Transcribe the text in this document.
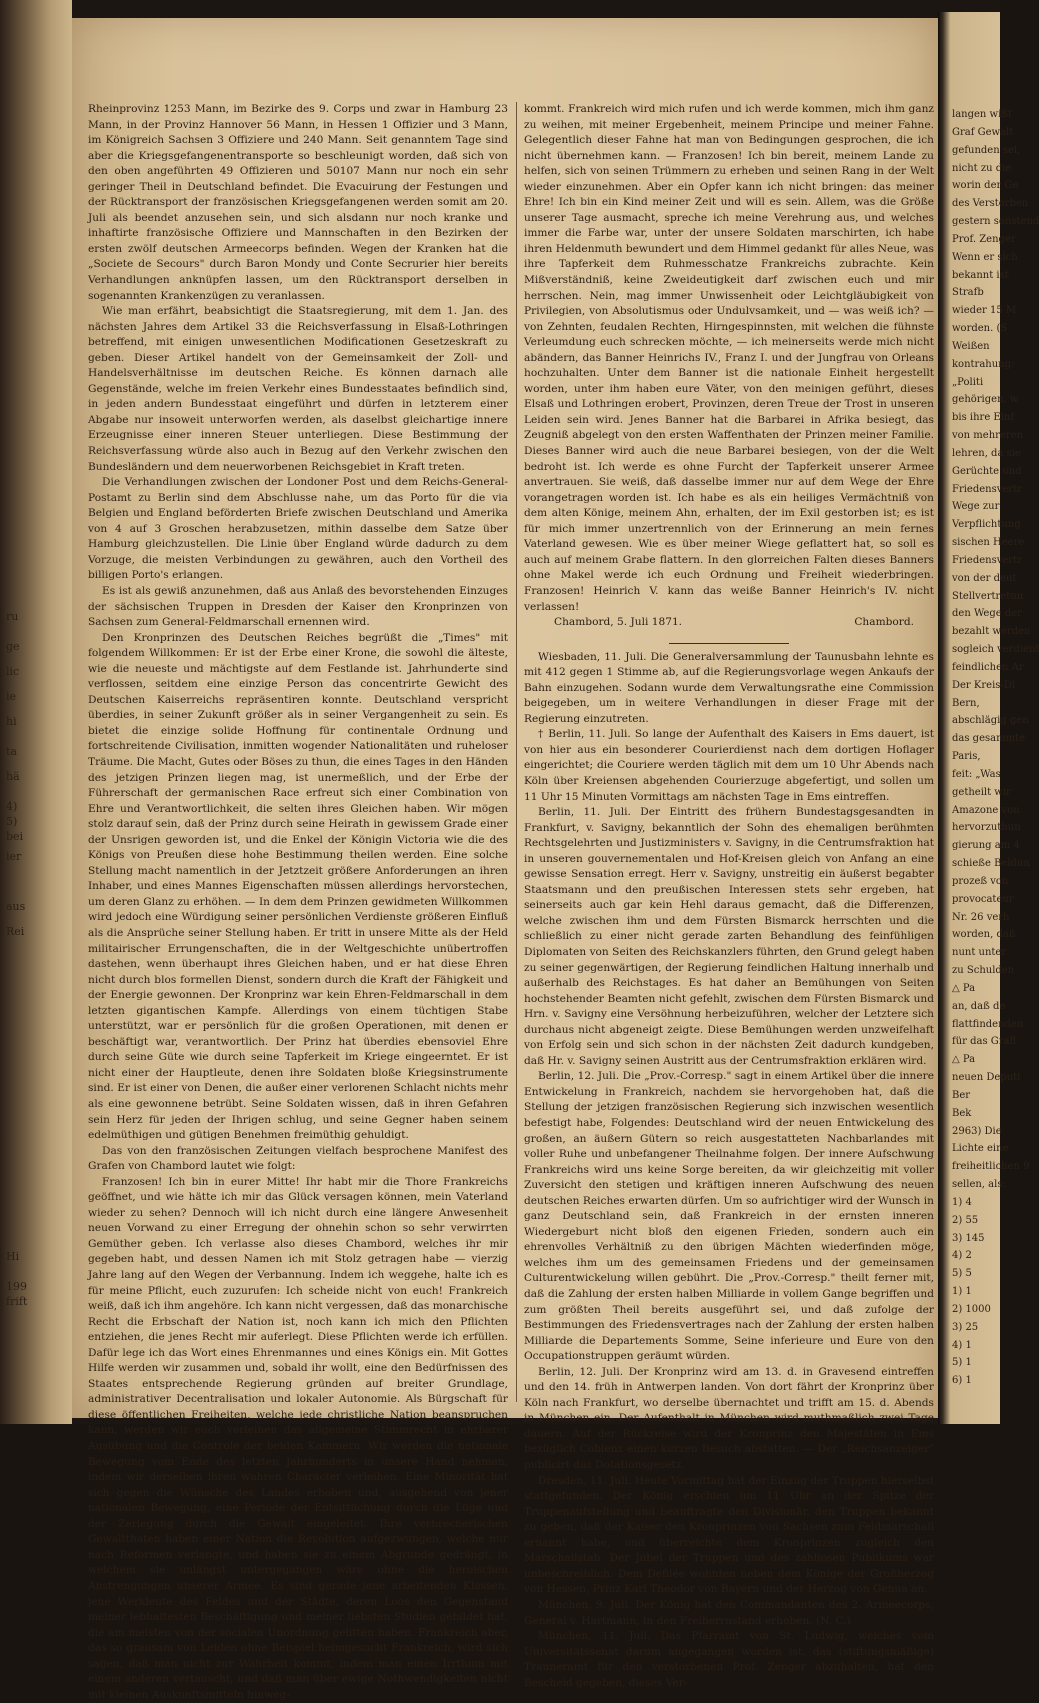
ru
ge
lic
ie
hi
ta
hä
4)
5)
bei
ier
aus
Rei
Hi
199
frift

Rheinprovinz 1253 Mann, im Bezirke des 9. Corps und zwar in Hamburg 23 Mann, in der Provinz Hannover 56 Mann, in Hessen 1 Offizier und 3 Mann, im Königreich Sachsen 3 Offiziere und 240 Mann. Seit genanntem Tage sind aber die Kriegsgefangenentransporte so beschleunigt worden, daß sich von den oben angeführten 49 Offizieren und 50107 Mann nur noch ein sehr geringer Theil in Deutschland befindet. Die Evacuirung der Festungen und der Rücktransport der französischen Kriegsgefangenen werden somit am 20. Juli als beendet anzusehen sein, und sich alsdann nur noch kranke und inhaftirte französische Offiziere und Mannschaften in den Bezirken der ersten zwölf deutschen Armeecorps befinden. Wegen der Kranken hat die „Societe de Secours" durch Baron Mondy und Conte Secrurier hier bereits Verhandlungen anknüpfen lassen, um den Rücktransport derselben in sogenannten Krankenzügen zu veranlassen.

Wie man erfährt, beabsichtigt die Staatsregierung, mit dem 1. Jan. des nächsten Jahres dem Artikel 33 die Reichsverfassung in Elsaß-Lothringen betreffend, mit einigen unwesentlichen Modificationen Gesetzeskraft zu geben. Dieser Artikel handelt von der Gemeinsamkeit der Zoll- und Handelsverhältnisse im deutschen Reiche. Es können darnach alle Gegenstände, welche im freien Verkehr eines Bundesstaates befindlich sind, in jeden andern Bundesstaat eingeführt und dürfen in letzterem einer Abgabe nur insoweit unterworfen werden, als daselbst gleichartige innere Erzeugnisse einer inneren Steuer unterliegen. Diese Bestimmung der Reichsverfassung würde also auch in Bezug auf den Verkehr zwischen den Bundesländern und dem neuerworbenen Reichsgebiet in Kraft treten.

Die Verhandlungen zwischen der Londoner Post und dem Reichs-General-Postamt zu Berlin sind dem Abschlusse nahe, um das Porto für die via Belgien und England beförderten Briefe zwischen Deutschland und Amerika von 4 auf 3 Groschen herabzusetzen, mithin dasselbe dem Satze über Hamburg gleichzustellen. Die Linie über England würde dadurch zu dem Vorzuge, die meisten Verbindungen zu gewähren, auch den Vortheil des billigen Porto's erlangen.

Es ist als gewiß anzunehmen, daß aus Anlaß des bevorstehenden Einzuges der sächsischen Truppen in Dresden der Kaiser den Kronprinzen von Sachsen zum General-Feldmarschall ernennen wird.

Den Kronprinzen des Deutschen Reiches begrüßt die „Times" mit folgendem Willkommen: Er ist der Erbe einer Krone, die sowohl die älteste, wie die neueste und mächtigste auf dem Festlande ist. Jahrhunderte sind verflossen, seitdem eine einzige Person das concentrirte Gewicht des Deutschen Kaiserreichs repräsentiren konnte. Deutschland verspricht überdies, in seiner Zukunft größer als in seiner Vergangenheit zu sein. Es bietet die einzige solide Hoffnung für continentale Ordnung und fortschreitende Civilisation, inmitten wogender Nationalitäten und ruheloser Träume. Die Macht, Gutes oder Böses zu thun, die eines Tages in den Händen des jetzigen Prinzen liegen mag, ist unermeßlich, und der Erbe der Führerschaft der germanischen Race erfreut sich einer Combination von Ehre und Verantwortlichkeit, die selten ihres Gleichen haben. Wir mögen stolz darauf sein, daß der Prinz durch seine Heirath in gewissem Grade einer der Unsrigen geworden ist, und die Enkel der Königin Victoria wie die des Königs von Preußen diese hohe Bestimmung theilen werden. Eine solche Stellung macht namentlich in der Jetztzeit größere Anforderungen an ihren Inhaber, und eines Mannes Eigenschaften müssen allerdings hervorstechen, um deren Glanz zu erhöhen. — In dem dem Prinzen gewidmeten Willkommen wird jedoch eine Würdigung seiner persönlichen Verdienste größeren Einfluß als die Ansprüche seiner Stellung haben. Er tritt in unsere Mitte als der Held militairischer Errungenschaften, die in der Weltgeschichte unübertroffen dastehen, wenn überhaupt ihres Gleichen haben, und er hat diese Ehren nicht durch blos formellen Dienst, sondern durch die Kraft der Fähigkeit und der Energie gewonnen. Der Kronprinz war kein Ehren-Feldmarschall in dem letzten gigantischen Kampfe. Allerdings von einem tüchtigen Stabe unterstützt, war er persönlich für die großen Operationen, mit denen er beschäftigt war, verantwortlich. Der Prinz hat überdies ebensoviel Ehre durch seine Güte wie durch seine Tapferkeit im Kriege eingeerntet. Er ist nicht einer der Hauptleute, denen ihre Soldaten bloße Kriegsinstrumente sind. Er ist einer von Denen, die außer einer verlorenen Schlacht nichts mehr als eine gewonnene betrübt. Seine Soldaten wissen, daß in ihren Gefahren sein Herz für jeden der Ihrigen schlug, und seine Gegner haben seinem edelmüthigen und gütigen Benehmen freimüthig gehuldigt.

Das von den französischen Zeitungen vielfach besprochene Manifest des Grafen von Chambord lautet wie folgt:

Franzosen! Ich bin in eurer Mitte! Ihr habt mir die Thore Frankreichs geöffnet, und wie hätte ich mir das Glück versagen können, mein Vaterland wieder zu sehen? Dennoch will ich nicht durch eine längere Anwesenheit neuen Vorwand zu einer Erregung der ohnehin schon so sehr verwirrten Gemüther geben. Ich verlasse also dieses Chambord, welches ihr mir gegeben habt, und dessen Namen ich mit Stolz getragen habe — vierzig Jahre lang auf den Wegen der Verbannung. Indem ich weggehe, halte ich es für meine Pflicht, euch zuzurufen: Ich scheide nicht von euch! Frankreich weiß, daß ich ihm angehöre. Ich kann nicht vergessen, daß das monarchische Recht die Erbschaft der Nation ist, noch kann ich mich den Pflichten entziehen, die jenes Recht mir auferlegt. Diese Pflichten werde ich erfüllen. Dafür lege ich das Wort eines Ehrenmannes und eines Königs ein. Mit Gottes Hilfe werden wir zusammen und, sobald ihr wollt, eine den Bedürfnissen des Staates entsprechende Regierung gründen auf breiter Grundlage, administrativer Decentralisation und lokaler Autonomie. Als Bürgschaft für diese öffentlichen Freiheiten, welche jede christliche Nation beanspruchen kann, werden wir euch verleihen das allgemeine Stimmrecht in ehrbarer Ausübung und die Controle der beiden Kammern. Wir werden die nationale Bewegung vom Ende des letzten Jahrhunderts in unsere Hand nehmen, indem wir derselben ihren wahren Character verleihen. Eine Minorität hat sich gegen die Wünsche des Landes erhoben und, ausgehend von jener nationalen Bewegung, eine Periode der Entsittlichung durch die Lüge und der Zerlegung durch die Gewalt eingeleitet. Ihre verbrecherischen Gewaltthaten haben einer Nation die Revolution aufgezwungen, welche nur nach Reformen verlangte, und haben sie zu einem Abgrunde gedrängt, in welchem sie unlängst untergegangen wäre ohne die heroischen Anstrengungen unserer Armee. Es sind gerade jene arbeitenden Klassen, jene Werkleute des Feldes und der Städte, deren Loos den Gegenstand meiner lebhaftesten Beschäftigung und meiner liebsten Studien gebildet hat, die am meisten von der socialen Unordnung gelitten haben. Frankreich aber, das so grausam von Leiden ohne Beispiel heimgesucht Frankreich, wird sich sagen, daß man nicht zur Wahrheit kommt, indem man einen Irrthum mit einem anderen vertauscht, und daß man über ewige Nothwendigkeiten nicht mit kleinen Auskunftsmitteln hinweg-

kommt. Frankreich wird mich rufen und ich werde kommen, mich ihm ganz zu weihen, mit meiner Ergebenheit, meinem Principe und meiner Fahne. Gelegentlich dieser Fahne hat man von Bedingungen gesprochen, die ich nicht übernehmen kann. — Franzosen! Ich bin bereit, meinem Lande zu helfen, sich von seinen Trümmern zu erheben und seinen Rang in der Welt wieder einzunehmen. Aber ein Opfer kann ich nicht bringen: das meiner Ehre! Ich bin ein Kind meiner Zeit und will es sein. Allem, was die Größe unserer Tage ausmacht, spreche ich meine Verehrung aus, und welches immer die Farbe war, unter der unsere Soldaten marschirten, ich habe ihren Heldenmuth bewundert und dem Himmel gedankt für alles Neue, was ihre Tapferkeit dem Ruhmesschatze Frankreichs zubrachte. Kein Mißverständniß, keine Zweideutigkeit darf zwischen euch und mir herrschen. Nein, mag immer Unwissenheit oder Leichtgläubigkeit von Privilegien, von Absolutismus oder Undulvsamkeit, und — was weiß ich? — von Zehnten, feudalen Rechten, Hirngespinnsten, mit welchen die fühnste Verleumdung euch schrecken möchte, — ich meinerseits werde mich nicht abändern, das Banner Heinrichs IV., Franz I. und der Jungfrau von Orleans hochzuhalten. Unter dem Banner ist die nationale Einheit hergestellt worden, unter ihm haben eure Väter, von den meinigen geführt, dieses Elsaß und Lothringen erobert, Provinzen, deren Treue der Trost in unseren Leiden sein wird. Jenes Banner hat die Barbarei in Afrika besiegt, das Zeugniß abgelegt von den ersten Waffenthaten der Prinzen meiner Familie. Dieses Banner wird auch die neue Barbarei besiegen, von der die Welt bedroht ist. Ich werde es ohne Furcht der Tapferkeit unserer Armee anvertrauen. Sie weiß, daß dasselbe immer nur auf dem Wege der Ehre vorangetragen worden ist. Ich habe es als ein heiliges Vermächtniß von dem alten Könige, meinem Ahn, erhalten, der im Exil gestorben ist; es ist für mich immer unzertrennlich von der Erinnerung an mein fernes Vaterland gewesen. Wie es über meiner Wiege geflattert hat, so soll es auch auf meinem Grabe flattern. In den glorreichen Falten dieses Banners ohne Makel werde ich euch Ordnung und Freiheit wiederbringen. Franzosen! Heinrich V. kann das weiße Banner Heinrich's IV. nicht verlassen!

Chambord, 5. Juli 1871.	Chambord.

Wiesbaden, 11. Juli. Die Generalversammlung der Taunusbahn lehnte es mit 412 gegen 1 Stimme ab, auf die Regierungsvorlage wegen Ankaufs der Bahn einzugehen. Sodann wurde dem Verwaltungsrathe eine Commission beigegeben, um in weitere Verhandlungen in dieser Frage mit der Regierung einzutreten.

† Berlin, 11. Juli. So lange der Aufenthalt des Kaisers in Ems dauert, ist von hier aus ein besonderer Courierdienst nach dem dortigen Hoflager eingerichtet; die Couriere werden täglich mit dem um 10 Uhr Abends nach Köln über Kreiensen abgehenden Courierzuge abgefertigt, und sollen um 11 Uhr 15 Minuten Vormittags am nächsten Tage in Ems eintreffen.

Berlin, 11. Juli. Der Eintritt des frühern Bundestagsgesandten in Frankfurt, v. Savigny, bekanntlich der Sohn des ehemaligen berühmten Rechtsgelehrten und Justizministers v. Savigny, in die Centrumsfraktion hat in unseren gouvernementalen und Hof-Kreisen gleich von Anfang an eine gewisse Sensation erregt. Herr v. Savigny, unstreitig ein äußerst begabter Staatsmann und den preußischen Interessen stets sehr ergeben, hat seinerseits auch gar kein Hehl daraus gemacht, daß die Differenzen, welche zwischen ihm und dem Fürsten Bismarck herrschten und die schließlich zu einer nicht gerade zarten Behandlung des feinfühligen Diplomaten von Seiten des Reichskanzlers führten, den Grund gelegt haben zu seiner gegenwärtigen, der Regierung feindlichen Haltung innerhalb und außerhalb des Reichstages. Es hat daher an Bemühungen von Seiten hochstehender Beamten nicht gefehlt, zwischen dem Fürsten Bismarck und Hrn. v. Savigny eine Versöhnung herbeizuführen, welcher der Letztere sich durchaus nicht abgeneigt zeigte. Diese Bemühungen werden unzweifelhaft von Erfolg sein und sich schon in der nächsten Zeit dadurch kundgeben, daß Hr. v. Savigny seinen Austritt aus der Centrumsfraktion erklären wird.

Berlin, 12. Juli. Die „Prov.-Corresp." sagt in einem Artikel über die innere Entwickelung in Frankreich, nachdem sie hervorgehoben hat, daß die Stellung der jetzigen französischen Regierung sich inzwischen wesentlich befestigt habe, Folgendes: Deutschland wird der neuen Entwickelung des großen, an äußern Gütern so reich ausgestatteten Nachbarlandes mit voller Ruhe und unbefangener Theilnahme folgen. Der innere Aufschwung Frankreichs wird uns keine Sorge bereiten, da wir gleichzeitig mit voller Zuversicht den stetigen und kräftigen inneren Aufschwung des neuen deutschen Reiches erwarten dürfen. Um so aufrichtiger wird der Wunsch in ganz Deutschland sein, daß Frankreich in der ernsten inneren Wiedergeburt nicht bloß den eigenen Frieden, sondern auch ein ehrenvolles Verhältniß zu den übrigen Mächten wiederfinden möge, welches ihm um des gemeinsamen Friedens und der gemeinsamen Culturentwickelung willen gebührt. Die „Prov.-Corresp." theilt ferner mit, daß die Zahlung der ersten halben Milliarde in vollem Gange begriffen und zum größten Theil bereits ausgeführt sei, und daß zufolge der Bestimmungen des Friedensvertrages nach der Zahlung der ersten halben Milliarde die Departements Somme, Seine inferieure und Eure von den Occupationstruppen geräumt würden.

Berlin, 12. Juli. Der Kronprinz wird am 13. d. in Gravesend eintreffen und den 14. früh in Antwerpen landen. Von dort fährt der Kronprinz über Köln nach Frankfurt, wo derselbe übernachtet und trifft am 15. d. Abends in München ein. Der Aufenthalt in München wird muthmaßlich zwei Tage dauern. Auf der Rückreise wird der Kronprinz den Majestäten in Ems bezüglich Coblenz einen kurzen Besuch abstatten. — Der „Reichsanzeiger" publicirt das Dotationsgesetz.

Dresden, 11. Juli. Heute Vormittag hat der Einzug der Truppen hierselbst stattgefunden. Der König erschien um 11 Uhr an der Spitze der Truppenaufstellung und beauftragte den Divisionär, den Truppen bekannt zu geben, daß der Kaiser den Kronprinzen von Sachsen zum Feldmarschall ernannt habe, und überreichte dem Kronprinzen zugleich den Marschallstab. Der Jubel der Truppen und des zahllosen Publikums war unbeschreiblich. Dem Defilée wohnten neben dem Könige der Großherzog von Hessen, Prinz Karl Theodor von Bayern und der Herzog von Genua an.

München, 9. Juli. Der König hat den Commandanten des 2. Armeecorps, General v. Hartmann, in den Freiherrnstand erhoben. (N. C.)

München, 11. Juli. Das Pfarramt von St. Ludwig, welches vom Universitätssenat darum angegangen worden ist, das (stiftungsmäßige) Trauneramt für den verstorbenen Prof. Zenger abzuhalten, hat den Bescheid gegeben, dieses Ver-

langen wißt
Graf Gewalt
gefunden sei,
nicht zu die
worin der Ge
des Verstorben
gestern sonstend
Prof. Zenger
Wenn er sich
bekannt ist
Strafb
wieder 15 M
worden. (S
Weißen
kontrahung:
„Politi
gehörigen, w
bis ihre Einf
von mehreren
lehren, da sie
Gerüchte und
Friedensvertr
Wege zur
Verpflichtung
sischen Heere
Friedensvertr
von der deut
Stellvertretun
den Wege der
bezahlt werden
sogleich verdient
feindlichen Ar
Der Kreis-Di
Bern,
abschlägig gen
das gesammte
Paris,
feit: „Was
getheilt wir
Amazone von
hervorzuthun
gierung am 4
schieße Beldun
prozeß von
provocateur
Nr. 26 verh
worden, daß
nunt unter
zu Schulden
△ Pa
an, daß de
flattfindenden
für das Grafl
△ Pa
neuen Deputi
Ber
Bek
2963) Die
Lichte eine
freiheitlichen 9
sellen, als:
1) 4
2) 55
3) 145
4) 2
5) 5
1) 1
2) 1000
3) 25
4) 1
5) 1
6) 1
